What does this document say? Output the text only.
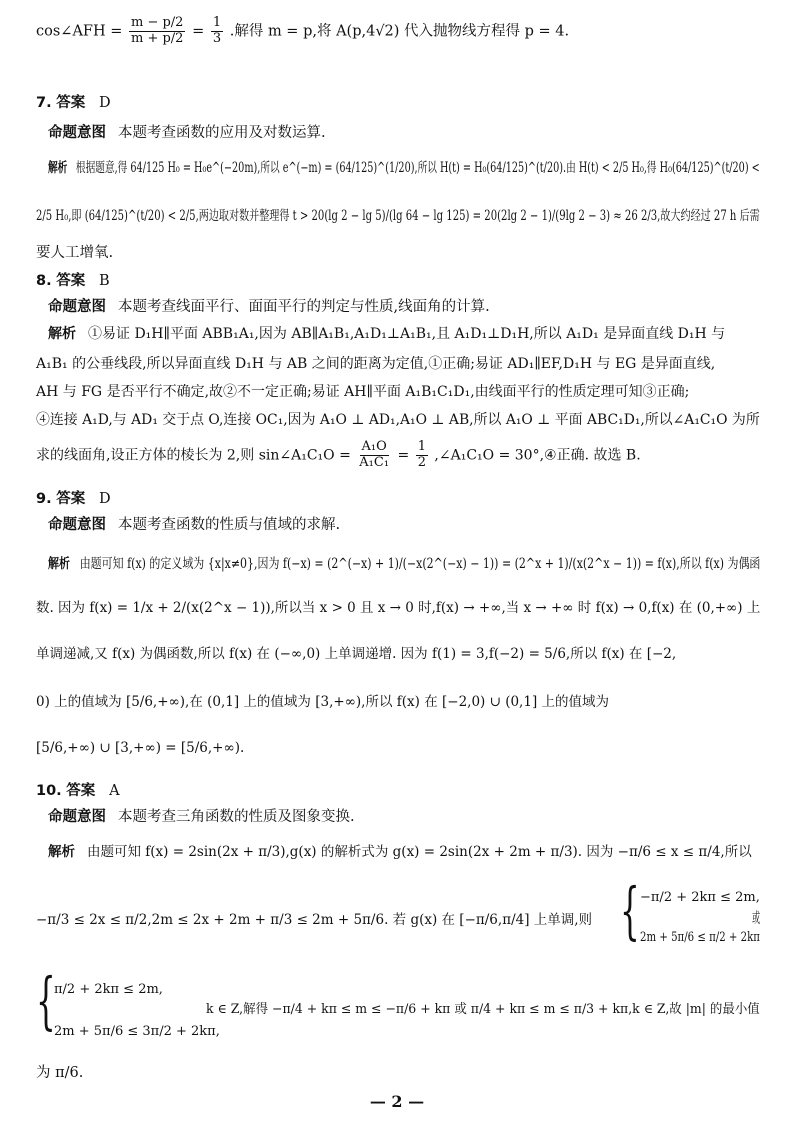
cos∠AFH = $\frac{m - p/2}{m + p/2} = \frac{1}{3}$ .解得 m = p,将 A(p,4√2) 代入抛物线方程得 p = 4.
7. 答案 D
命题意图 本题考查函数的应用及对数运算.
解析 根据题意,得 64/125 H₀ = H₀e^(−20m),所以 e^(−m) = (64/125)^(1/20),所以 H(t) = H₀(64/125)^(t/20).由 H(t) < 2/5 H₀,得 H₀(64/125)^(t/20) <
2/5 H₀,即 (64/125)^(t/20) < 2/5,两边取对数并整理得 t > 20(lg 2 − lg 5)/(lg 64 − lg 125) = 20(2lg 2 − 1)/(9lg 2 − 3) ≈ 26 2/3,故大约经过 27 h 后需
要人工增氧.
8. 答案 B
命题意图 本题考查线面平行、面面平行的判定与性质,线面角的计算.
解析 ①易证 D₁H∥平面 ABB₁A₁,因为 AB∥A₁B₁,A₁D₁⊥A₁B₁,且 A₁D₁⊥D₁H,所以 A₁D₁ 是异面直线 D₁H 与
A₁B₁ 的公垂线段,所以异面直线 D₁H 与 AB 之间的距离为定值,①正确;易证 AD₁∥EF,D₁H 与 EG 是异面直线,
AH 与 FG 是否平行不确定,故②不一定正确;易证 AH∥平面 A₁B₁C₁D₁,由线面平行的性质定理可知③正确;
④连接 A₁D,与 AD₁ 交于点 O,连接 OC₁,因为 A₁O ⊥ AD₁,A₁O ⊥ AB,所以 A₁O ⊥ 平面 ABC₁D₁,所以∠A₁C₁O 为所
求的线面角,设正方体的棱长为 2,则 sin∠A₁C₁O = $\frac{\text{A₁O}}{\text{A₁C₁}} = \frac{1}{2}$ ,∠A₁C₁O = 30°,④正确. 故选 B.
9. 答案 D
命题意图 本题考查函数的性质与值域的求解.
解析 由题可知 f(x) 的定义域为 {x|x≠0},因为 f(−x) = (2^(−x) + 1)/(−x(2^(−x) − 1)) = (2^x + 1)/(x(2^x − 1)) = f(x),所以 f(x) 为偶函
数. 因为 f(x) = 1/x + 2/(x(2^x − 1)),所以当 x > 0 且 x → 0 时,f(x) → +∞,当 x → +∞ 时 f(x) → 0,f(x) 在 (0,+∞) 上
单调递减,又 f(x) 为偶函数,所以 f(x) 在 (−∞,0) 上单调递增. 因为 f(1) = 3,f(−2) = 5/6,所以 f(x) 在 [−2,
0) 上的值域为 [5/6,+∞),在 (0,1] 上的值域为 [3,+∞),所以 f(x) 在 [−2,0) ∪ (0,1] 上的值域为
[5/6,+∞) ∪ [3,+∞) = [5/6,+∞).
10. 答案 A
命题意图 本题考查三角函数的性质及图象变换.
解析 由题可知 f(x) = 2sin(2x + π/3),g(x) 的解析式为 g(x) = 2sin(2x + 2m + π/3). 因为 −π/6 ≤ x ≤ π/4,所以
−π/3 ≤ 2x ≤ π/2,2m ≤ 2x + 2m + π/3 ≤ 2m + 5π/6. 若 g(x) 在 [−π/6,π/4] 上单调,则 { −π/2 + 2kπ ≤ 2m,
2m + 5π/6 ≤ π/2 + 2kπ
或
{
π/2 + 2kπ ≤ 2m,
2m + 5π/6 ≤ 3π/2 + 2kπ,
k ∈ Z,解得 −π/4 + kπ ≤ m ≤ −π/6 + kπ 或 π/4 + kπ ≤ m ≤ π/3 + kπ,k ∈ Z,故 |m| 的最小值
为 π/6.
— 2 —
